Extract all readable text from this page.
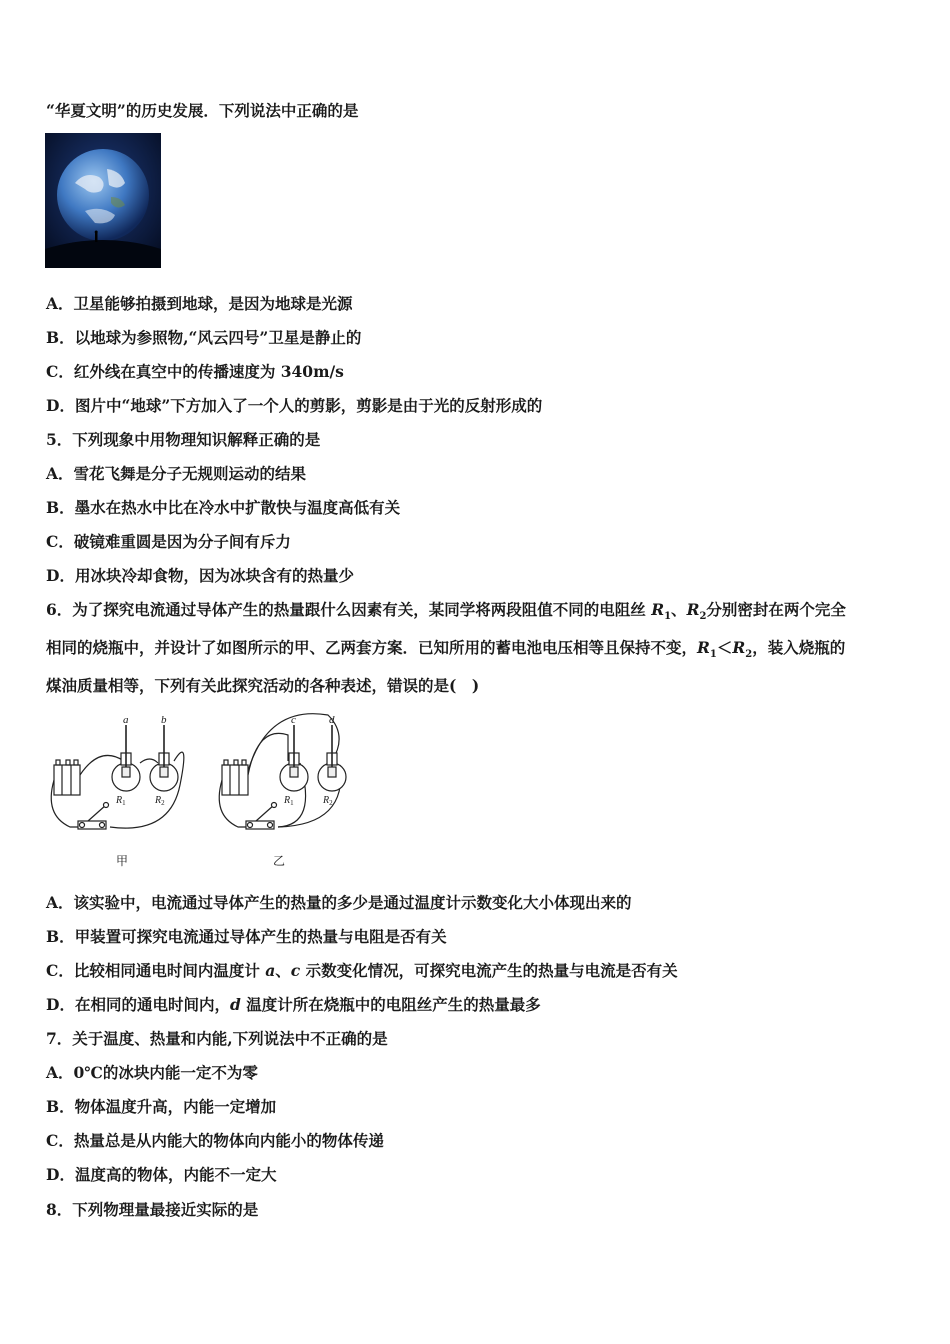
“华夏文明”的历史发展．下列说法中正确的是
A．卫星能够拍摄到地球，是因为地球是光源
B．以地球为参照物,“风云四号”卫星是静止的
C．红外线在真空中的传播速度为 340m/s
D．图片中“地球”下方加入了一个人的剪影，剪影是由于光的反射形成的
5．下列现象中用物理知识解释正确的是
A．雪花飞舞是分子无规则运动的结果
B．墨水在热水中比在冷水中扩散快与温度高低有关
C．破镜难重圆是因为分子间有斥力
D．用冰块冷却食物，因为冰块含有的热量少
6．为了探究电流通过导体产生的热量跟什么因素有关，某同学将两段阻值不同的电阻丝 $R_1$、$R_2$分别密封在两个完全
相同的烧瓶中，并设计了如图所示的甲、乙两套方案．已知所用的蓄电池电压相等且保持不变，$R_1<R_2$，装入烧瓶的
煤油质量相等，下列有关此探究活动的各种表述，错误的是(　)
a	b
$R_1$	$R_2$
甲
c	d
$R_1$	$R_2$
乙
A．该实验中，电流通过导体产生的热量的多少是通过温度计示数变化大小体现出来的
B．甲装置可探究电流通过导体产生的热量与电阻是否有关
C．比较相同通电时间内温度计 a、c 示数变化情况，可探究电流产生的热量与电流是否有关
D．在相同的通电时间内，d 温度计所在烧瓶中的电阻丝产生的热量最多
7．关于温度、热量和内能,下列说法中不正确的是
A．0℃的冰块内能一定不为零
B．物体温度升高，内能一定增加
C．热量总是从内能大的物体向内能小的物体传递
D．温度高的物体，内能不一定大
8．下列物理量最接近实际的是
